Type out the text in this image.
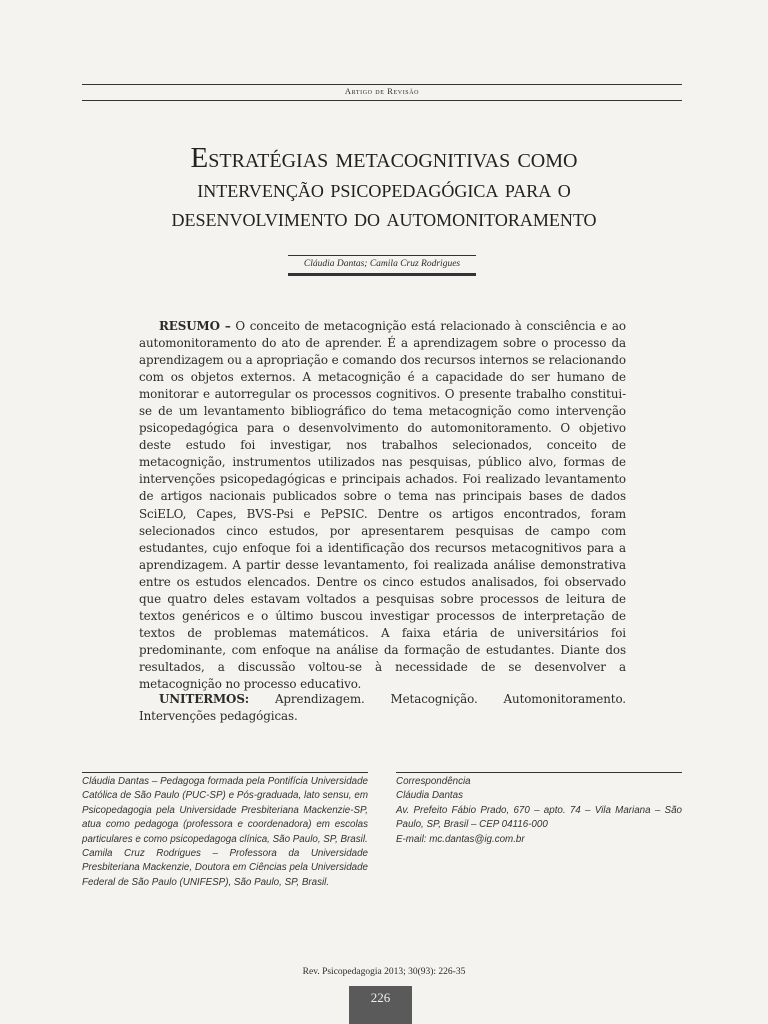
Artigo de Revisão
Estratégias metacognitivas como
intervenção psicopedagógica para o
desenvolvimento do automonitoramento
Cláudia Dantas; Camila Cruz Rodrigues

RESUMO – O conceito de metacognição está relacionado à consciência e ao automonitoramento do ato de aprender. É a aprendizagem sobre o processo da aprendizagem ou a apropriação e comando dos recursos internos se relacionando com os objetos externos. A metacognição é a capacidade do ser humano de monitorar e autorregular os processos cognitivos. O presente trabalho constitui-se de um levantamento bibliográfico do tema metacognição como intervenção psicopedagógica para o desenvolvimento do automonitoramento. O objetivo deste estudo foi investigar, nos trabalhos selecionados, conceito de metacognição, instrumentos utilizados nas pesquisas, público alvo, formas de intervenções psicopedagógicas e principais achados. Foi realizado levantamento de artigos nacionais publicados sobre o tema nas principais bases de dados SciELO, Capes, BVS-Psi e PePSIC. Dentre os artigos encontrados, foram selecionados cinco estudos, por apresentarem pesquisas de campo com estudantes, cujo enfoque foi a identificação dos recursos metacognitivos para a aprendizagem. A partir desse levantamento, foi realizada análise demonstrativa entre os estudos elencados. Dentre os cinco estudos analisados, foi observado que quatro deles estavam voltados a pesquisas sobre processos de leitura de textos genéricos e o último buscou investigar processos de interpretação de textos de problemas matemáticos. A faixa etária de universitários foi predominante, com enfoque na análise da formação de estudantes. Diante dos resultados, a discussão voltou-se à necessidade de se desenvolver a metacognição no processo educativo.

UNITERMOS: Aprendizagem. Metacognição. Automonitoramento. Intervenções pedagógicas.

Cláudia Dantas – Pedagoga formada pela Pontifícia Universidade Católica de São Paulo (PUC-SP) e Pós-graduada, lato sensu, em Psicopedagogia pela Universidade Presbiteriana Mackenzie-SP, atua como pedagoga (professora e coordenadora) em escolas particulares e como psicopedagoga clínica, São Paulo, SP, Brasil.

Camila Cruz Rodrigues – Professora da Universidade Presbiteriana Mackenzie, Doutora em Ciências pela Universidade Federal de São Paulo (UNIFESP), São Paulo, SP, Brasil.

Correspondência

Cláudia Dantas

Av. Prefeito Fábio Prado, 670 – apto. 74 – Vila Mariana – São Paulo, SP, Brasil – CEP 04116-000

E-mail: mc.dantas@ig.com.br

Rev. Psicopedagogia 2013; 30(93): 226-35
226
